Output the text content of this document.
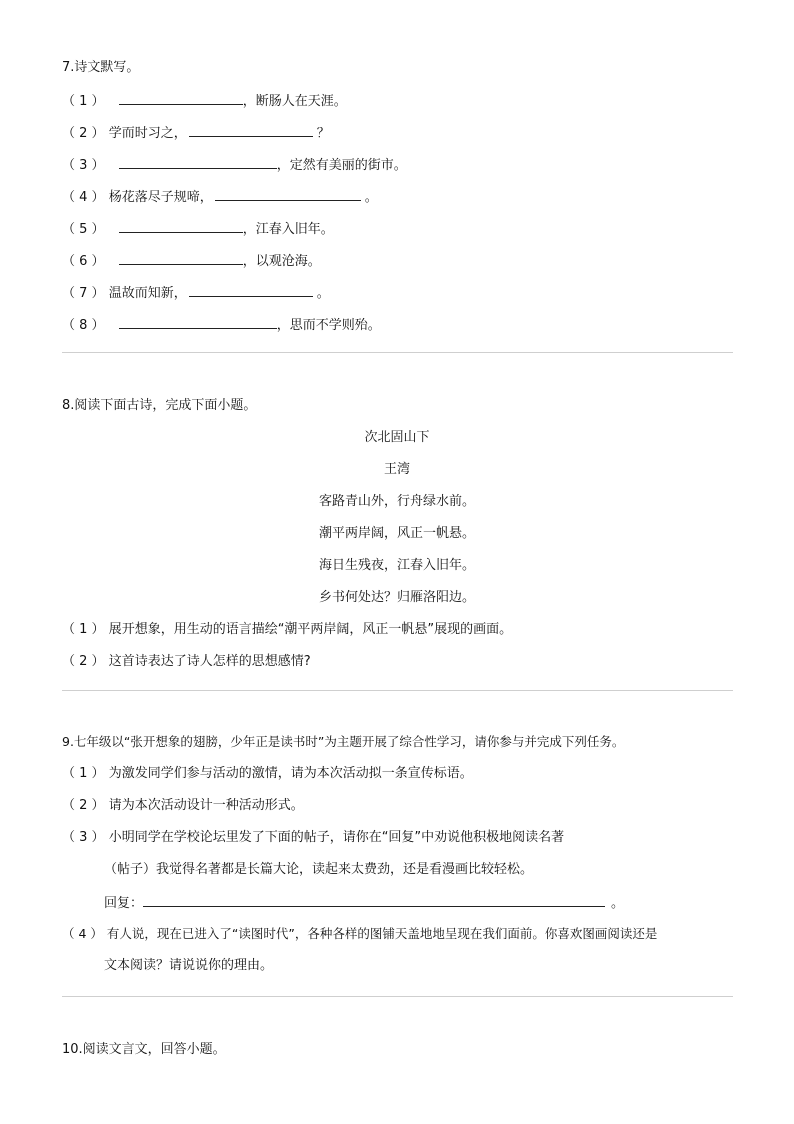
7.诗文默写。
（ 1 ）	，断肠人在天涯。
（ 2 ） 学而时习之，	？
（ 3 ）	，定然有美丽的街市。
（ 4 ） 杨花落尽子规啼，	。
（ 5 ）	，江春入旧年。
（ 6 ）	，以观沧海。
（ 7 ） 温故而知新，	。
（ 8 ）	，思而不学则殆。
8.阅读下面古诗，完成下面小题。
次北固山下
王湾
客路青山外，行舟绿水前。
潮平两岸阔，风正一帆悬。
海日生残夜，江春入旧年。
乡书何处达？归雁洛阳边。
（ 1 ） 展开想象，用生动的语言描绘“潮平两岸阔，风正一帆悬”展现的画面。
（ 2 ） 这首诗表达了诗人怎样的思想感情?
9.七年级以“张开想象的翅膀，少年正是读书时”为主题开展了综合性学习，请你参与并完成下列任务。
（ 1 ） 为激发同学们参与活动的激情，请为本次活动拟一条宣传标语。
（ 2 ） 请为本次活动设计一种活动形式。
（ 3 ） 小明同学在学校论坛里发了下面的帖子，请你在“回复”中劝说他积极地阅读名著
（帖子）我觉得名著都是长篇大论，读起来太费劲，还是看漫画比较轻松。
回复：	。
（ 4 ） 有人说，现在已进入了“读图时代”，各种各样的图铺天盖地地呈现在我们面前。你喜欢图画阅读还是
文本阅读？请说说你的理由。
10.阅读文言文，回答小题。
